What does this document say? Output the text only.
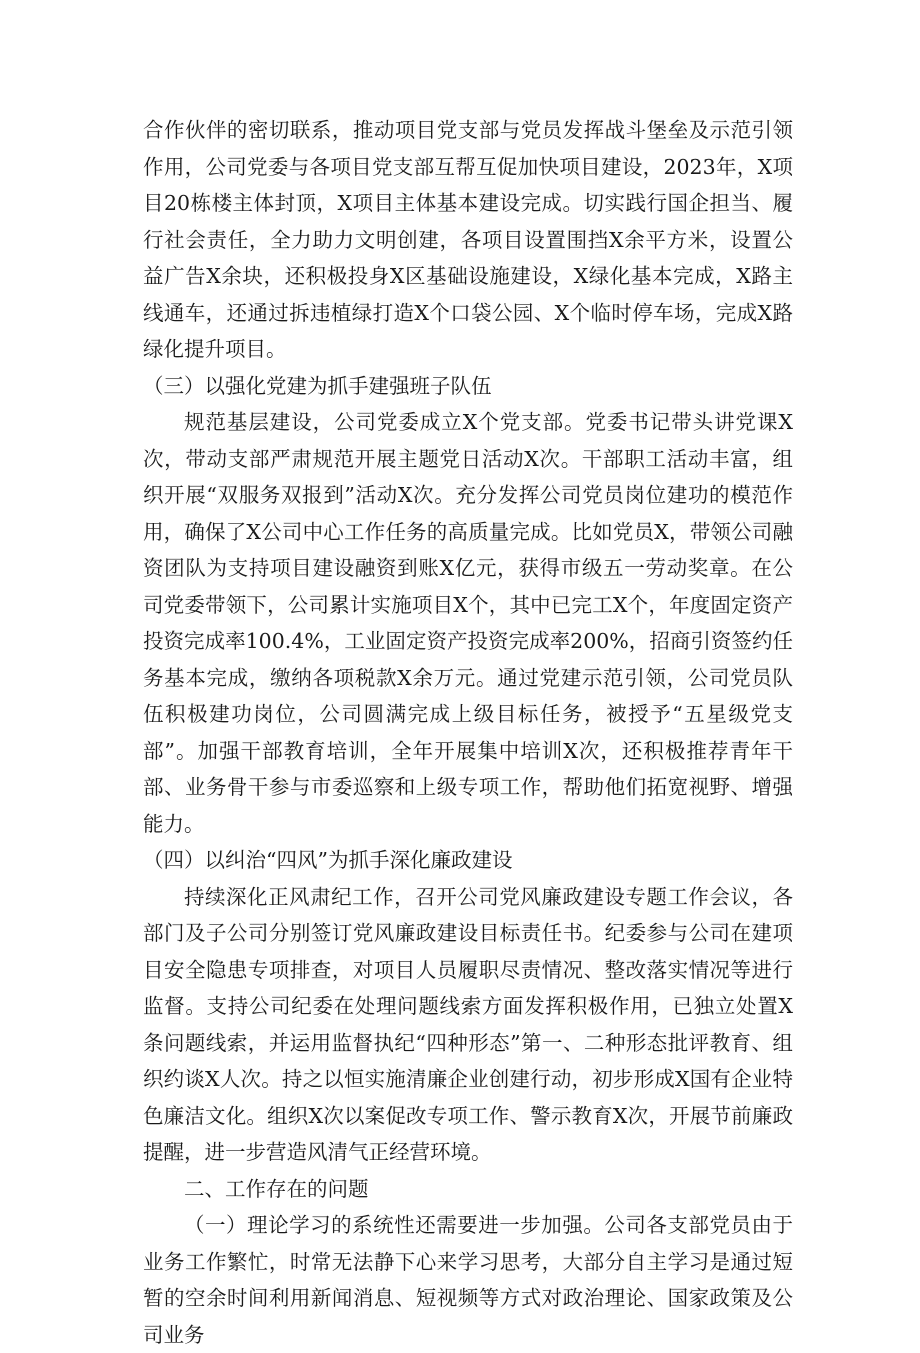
合作伙伴的密切联系，推动项目党支部与党员发挥战斗堡垒及示范引领作用，公司党委与各项目党支部互帮互促加快项目建设，2023年，X项目20栋楼主体封顶，X项目主体基本建设完成。切实践行国企担当、履行社会责任，全力助力文明创建，各项目设置围挡X余平方米，设置公益广告X余块，还积极投身X区基础设施建设，X绿化基本完成，X路主线通车，还通过拆违植绿打造X个口袋公园、X个临时停车场，完成X路绿化提升项目。

（三）以强化党建为抓手建强班子队伍

规范基层建设，公司党委成立X个党支部。党委书记带头讲党课X次，带动支部严肃规范开展主题党日活动X次。干部职工活动丰富，组织开展“双服务双报到”活动X次。充分发挥公司党员岗位建功的模范作用，确保了X公司中心工作任务的高质量完成。比如党员X，带领公司融资团队为支持项目建设融资到账X亿元，获得市级五一劳动奖章。在公司党委带领下，公司累计实施项目X个，其中已完工X个，年度固定资产投资完成率100.4%，工业固定资产投资完成率200%，招商引资签约任务基本完成，缴纳各项税款X余万元。通过党建示范引领，公司党员队伍积极建功岗位，公司圆满完成上级目标任务，被授予“五星级党支部”。加强干部教育培训，全年开展集中培训X次，还积极推荐青年干部、业务骨干参与市委巡察和上级专项工作，帮助他们拓宽视野、增强能力。

（四）以纠治“四风”为抓手深化廉政建设

持续深化正风肃纪工作，召开公司党风廉政建设专题工作会议，各部门及子公司分别签订党风廉政建设目标责任书。纪委参与公司在建项目安全隐患专项排查，对项目人员履职尽责情况、整改落实情况等进行监督。支持公司纪委在处理问题线索方面发挥积极作用，已独立处置X条问题线索，并运用监督执纪“四种形态”第一、二种形态批评教育、组织约谈X人次。持之以恒实施清廉企业创建行动，初步形成X国有企业特色廉洁文化。组织X次以案促改专项工作、警示教育X次，开展节前廉政提醒，进一步营造风清气正经营环境。

二、工作存在的问题

（一）理论学习的系统性还需要进一步加强。公司各支部党员由于业务工作繁忙，时常无法静下心来学习思考，大部分自主学习是通过短暂的空余时间利用新闻消息、短视频等方式对政治理论、国家政策及公司业务
